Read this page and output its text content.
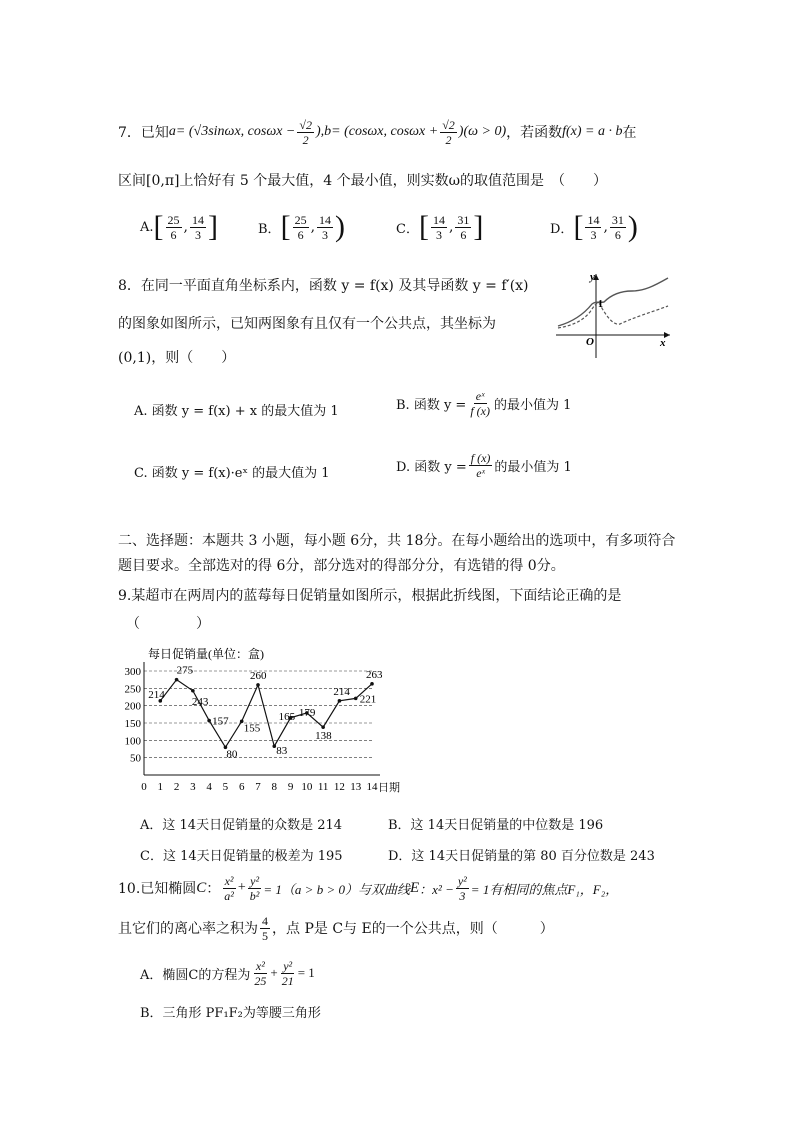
7． 已知 a = (√3sinωx, $\cos\omega x - \frac{√2}{2}$ ), b = (cosωx, $\cos\omega x + \frac{√2}{2}$ ) (ω > 0) ，若函数 f(x) = a · b 在
区间[0,π]上恰好有 5 个最大值，4 个最小值，则实数ω的取值范围是　（　　）
A. [ $\frac{25}{6}$ , $\frac{14}{3}$ ]	B． [ $\frac{25}{6}$ , $\frac{14}{3}$ )	C． [ $\frac{14}{3}$ , $\frac{31}{6}$ ]	D． [ $\frac{14}{3}$ , $\frac{31}{6}$ )
8．在同一平面直角坐标系内，函数 y = f(x) 及其导函数 y = f′(x)
的图象如图所示，已知两图象有且仅有一个公共点，其坐标为
(0,1)，则（　　）
y
x
O
1
A. 函数 y = f(x) + x 的最大值为 1	B. 函数 $y = \frac{\text{eˣ}}{f (x)}$ 的最小值为 1
C. 函数 y = f(x)·eˣ 的最大值为 1	D. 函数 $y = \frac{f (x)}{\text{eˣ}}$ 的最小值为 1
二、选择题：本题共 3 小题，每小题 6分，共 18分。在每小题给出的选项中，有多项符合
题目要求。全部选对的得 6分，部分选对的得部分分，有选错的得 0分。
9.某超市在两周内的蓝莓每日促销量如图所示，根据此折线图，下面结论正确的是
（　　　　）
每日促销量(单位：盒)
50
100
150
200
250
300
0 1 2 3 4 5 6 7 8 9 10 11 12 13 14 日期
214
275
243
157
80
155
260
83
165 179
138
214
221
263
A．这 14天日促销量的众数是 214	B．这 14天日促销量的中位数是 196
C．这 14天日促销量的极差为 195	D．这 14天日促销量的第 80 百分位数是 243
10.已知椭圆 C ： $\frac{\text{x²}}{\text{a²}} + \frac{\text{y²}}{\text{b²}} = 1(a > b > 0)$与双曲线 E ：$x^2 - \frac{\text{y²}}{3} = 1$有相同的焦点F₁，F₂，
且它们的离心率之积为 $\frac{4}{5}$ ，点 P是 C与 E的一个公共点，则（　　　）
A．椭圆C的方程为 $\frac{\text{x²}}{25} + \frac{\text{y²}}{21} = 1$
B．三角形 PF₁F₂为等腰三角形
